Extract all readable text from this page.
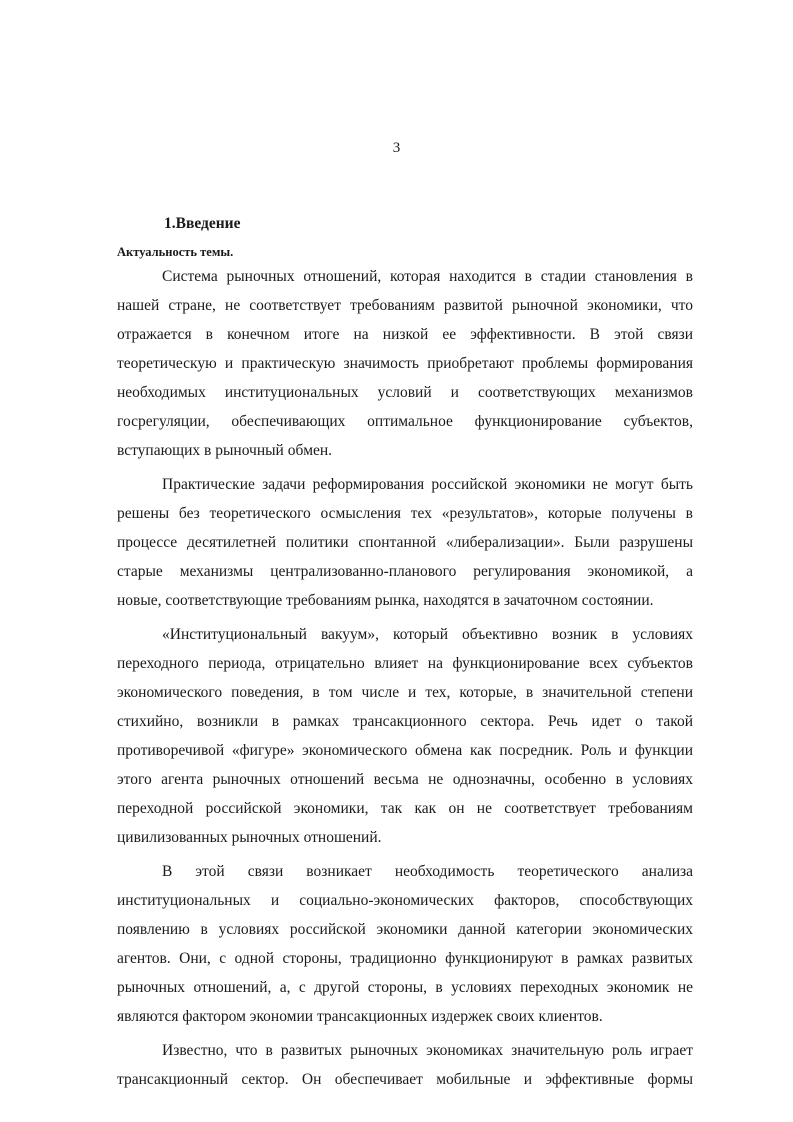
3
1.Введение
Актуальность темы.
Система рыночных отношений, которая находится в стадии становления в
нашей стране, не соответствует требованиям развитой рыночной экономики, что
отражается в конечном итоге на низкой ее эффективности. В этой связи
теоретическую и практическую значимость приобретают проблемы формирования
необходимых институциональных условий и соответствующих механизмов
госрегуляции, обеспечивающих оптимальное функционирование субъектов,
вступающих в рыночный обмен.
Практические задачи реформирования российской экономики не могут быть
решены без теоретического осмысления тех «результатов», которые получены в
процессе десятилетней политики спонтанной «либерализации». Были разрушены
старые механизмы централизованно-планового регулирования экономикой, а
новые, соответствующие требованиям рынка, находятся в зачаточном состоянии.
«Институциональный вакуум», который объективно возник в условиях
переходного периода, отрицательно влияет на функционирование всех субъектов
экономического поведения, в том числе и тех, которые, в значительной степени
стихийно, возникли в рамках трансакционного сектора. Речь идет о такой
противоречивой «фигуре» экономического обмена как посредник. Роль и функции
этого агента рыночных отношений весьма не однозначны, особенно в условиях
переходной российской экономики, так как он не соответствует требованиям
цивилизованных рыночных отношений.
В этой связи возникает необходимость теоретического анализа
институциональных и социально-экономических факторов, способствующих
появлению в условиях российской экономики данной категории экономических
агентов. Они, с одной стороны, традиционно функционируют в рамках развитых
рыночных отношений, а, с другой стороны, в условиях переходных экономик не
являются фактором экономии трансакционных издержек своих клиентов.
Известно, что в развитых рыночных экономиках значительную роль играет
трансакционный сектор. Он обеспечивает мобильные и эффективные формы
